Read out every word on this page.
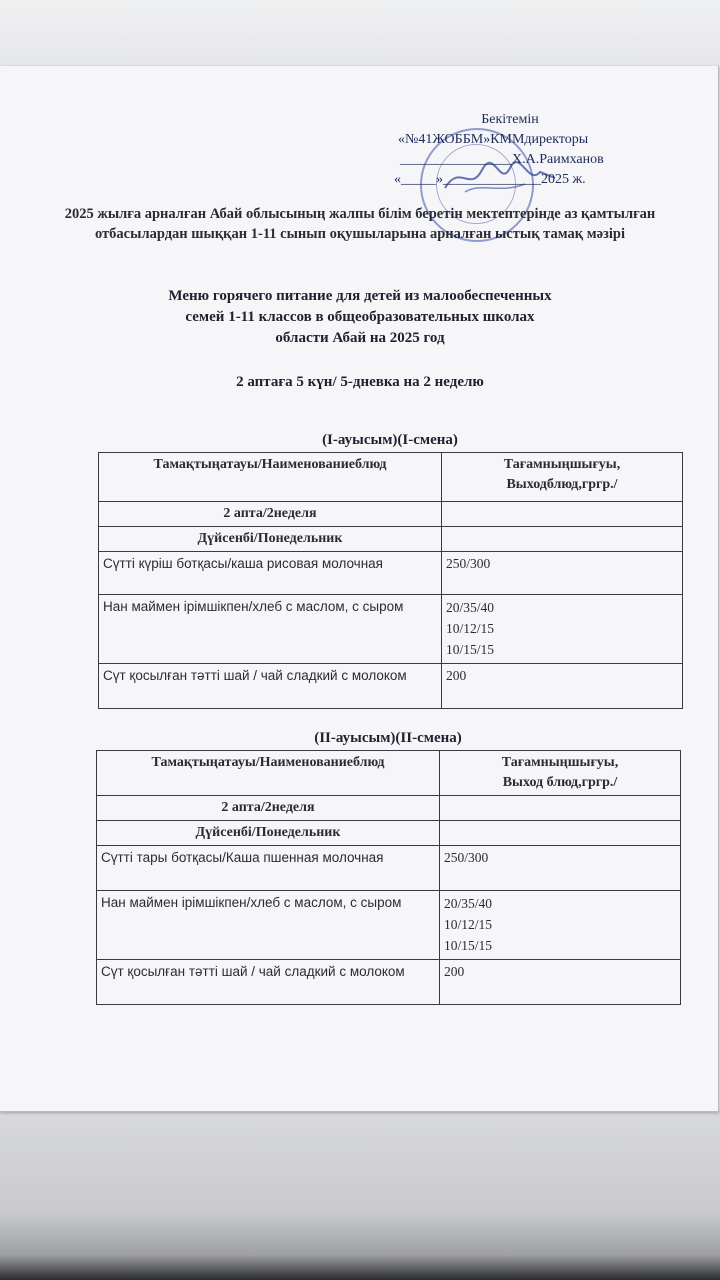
Бекітемін
«№41ЖОББМ»КММдиректоры
________________Х.А.Раимханов
«_____»______________2025 ж.
2025 жылға арналған Абай облысының жалпы білім беретін мектептерінде аз қамтылған отбасылардан шыққан 1-11 сынып оқушыларына арналған ыстық тамақ мәзірі
Меню горячего питание для детей из малообеспеченных
семей 1-11 классов в общеобразовательных школах
области Абай на 2025 год
2 аптаға 5 күн/ 5-дневка на 2 неделю
(І-ауысым)(І-смена)
Тамақтыңатауы/Наименованиеблюд	Тағамныңшығуы,
Выходблюд,гргр./

2 апта/2неделя	
Дүйсенбі/Понедельник	
Сүтті күріш ботқасы/каша рисовая молочная	250/300
Нан маймен ірімшікпен/хлеб с маслом, с сыром	20/35/40
10/12/15
10/15/15

Сүт қосылған тәтті шай / чай сладкий с молоком	200
(ІІ-ауысым)(ІІ-смена)
Тамақтыңатауы/Наименованиеблюд	Тағамныңшығуы,
Выход блюд,гргр./

2 апта/2неделя	
Дүйсенбі/Понедельник	
Сүтті тары ботқасы/Каша пшенная молочная	250/300
Нан маймен ірімшікпен/хлеб с маслом, с сыром	20/35/40
10/12/15
10/15/15

Сүт қосылған тәтті шай / чай сладкий с молоком	200
